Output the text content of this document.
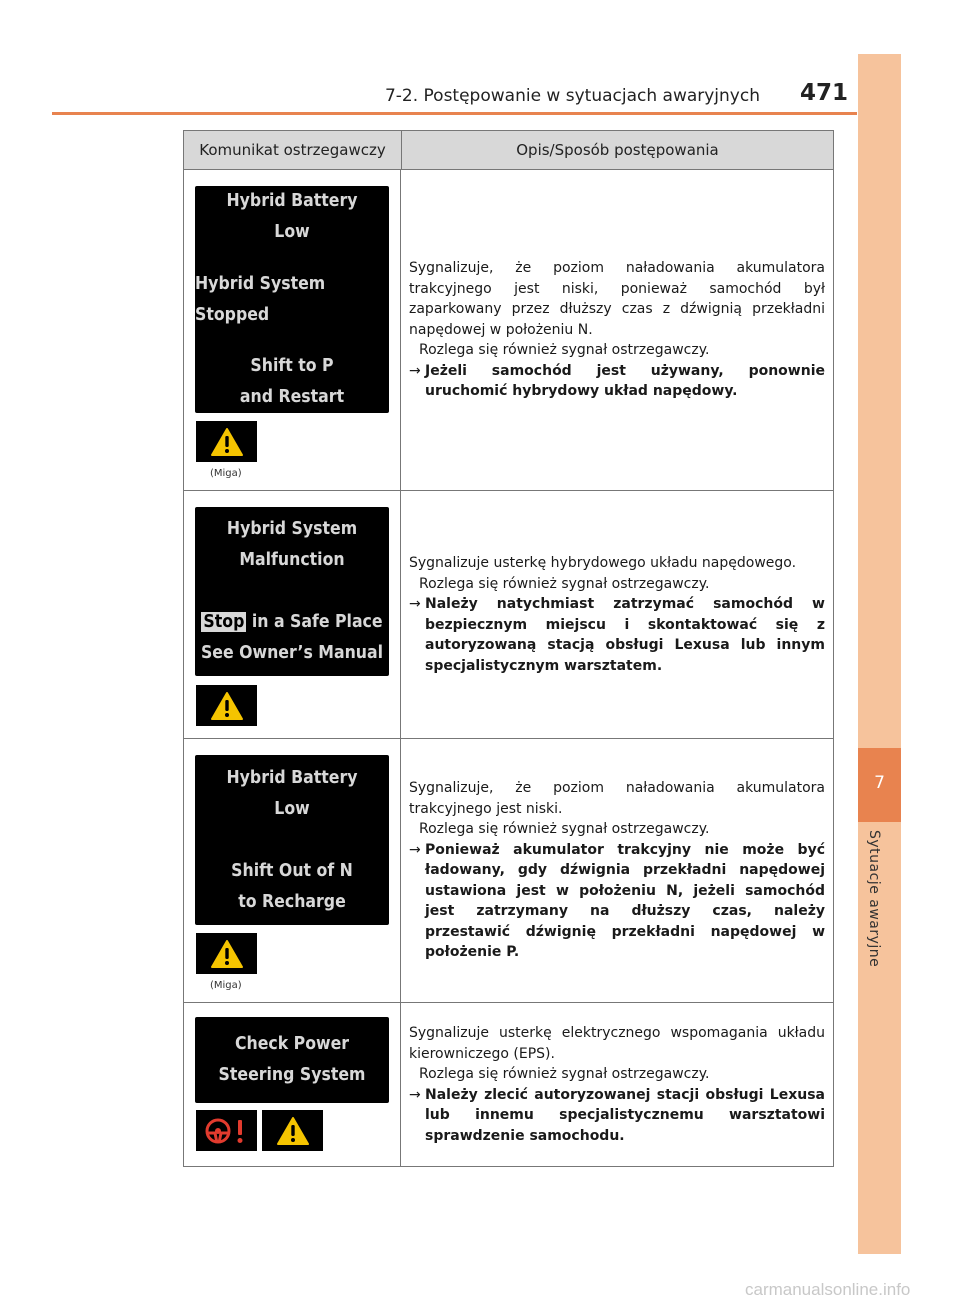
7-2. Postępowanie w sytuacjach awaryjnych 471
7
Sytuacje awaryjne
Komunikat ostrzegawczy	Opis/Sposób postępowania
Hybrid Battery
Low
Hybrid System Stopped
Shift to P
and Restart
(Miga)

Sygnalizuje, że poziom naładowania akumulatora trakcyjnego jest niski, ponieważ samochód był zaparkowany przez dłuższy czas z dźwignią przekładni napędowej w położeniu N.

Rozlega się również sygnał ostrzegawczy.

→ Jeżeli samochód jest używany, ponownie uruchomić hybrydowy układ napędowy.
Hybrid System
Malfunction
Stop in a Safe Place
See Owner’s Manual

Sygnalizuje usterkę hybrydowego układu napędowego.

Rozlega się również sygnał ostrzegawczy.

→ Należy natychmiast zatrzymać samochód w bezpiecznym miejscu i skontaktować się z autoryzowaną stacją obsługi Lexusa lub innym specjalistycznym warsztatem.
Hybrid Battery
Low
Shift Out of N
to Recharge
(Miga)

Sygnalizuje, że poziom naładowania akumulatora trakcyjnego jest niski.

Rozlega się również sygnał ostrzegawczy.

→ Ponieważ akumulator trakcyjny nie może być ładowany, gdy dźwignia przekładni napędowej ustawiona jest w położeniu N, jeżeli samochód jest zatrzymany na dłuższy czas, należy przestawić dźwignię przekładni napędowej w położenie P.
Check Power
Steering System

Sygnalizuje usterkę elektrycznego wspomagania układu kierowniczego (EPS).

Rozlega się również sygnał ostrzegawczy.

→ Należy zlecić autoryzowanej stacji obsługi Lexusa lub innemu specjalistycznemu warsztatowi sprawdzenie samochodu.
carmanualsonline.info
